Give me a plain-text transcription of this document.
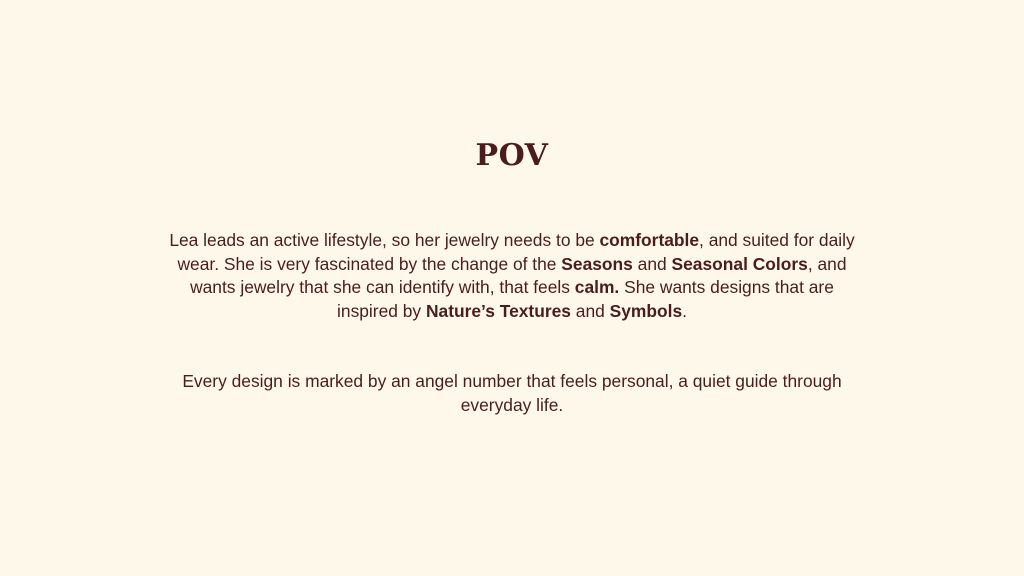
POV

Lea leads an active lifestyle, so her jewelry needs to be comfortable, and suited for daily wear. She is very fascinated by the change of the Seasons and Seasonal Colors, and wants jewelry that she can identify with, that feels calm. She wants designs that are inspired by Nature’s Textures and Symbols.

Every design is marked by an angel number that feels personal, a quiet guide through everyday life.
